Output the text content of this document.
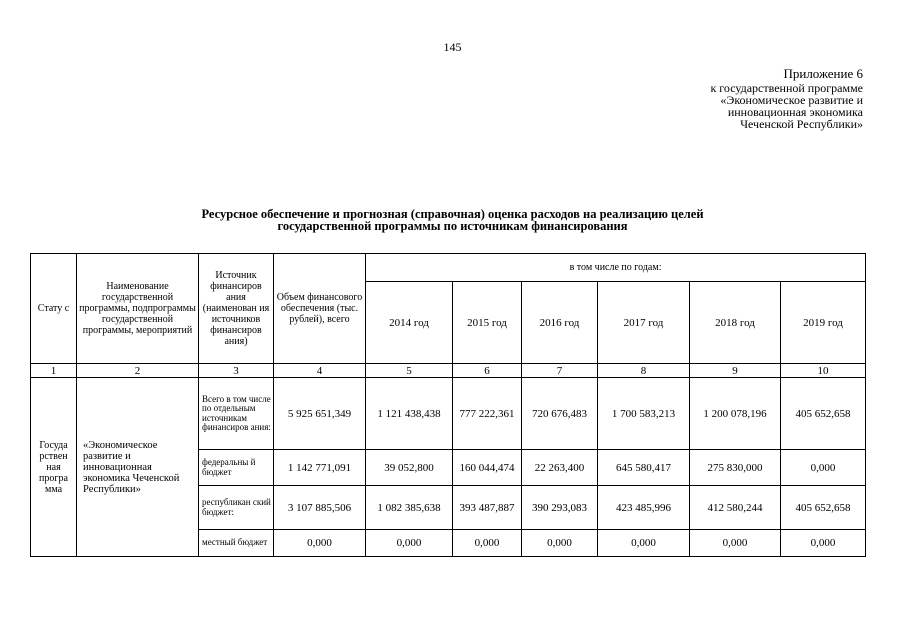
145
Приложение 6
к государственной программе
«Экономическое развитие и
инновационная экономика
Чеченской Республики»
Ресурсное обеспечение и прогнозная (справочная) оценка расходов на реализацию целей
государственной программы по источникам финансирования
Стату с	Наименование государственной программы, подпрограммы государственной программы, мероприятий	Источник финансиров ания (наименован ия источников финансиров ания)	Объем финансового обеспечения (тыс. рублей), всего	в том числе по годам:					
				2014 год	2015 год	2016 год	2017 год	2018 год	2019 год
1	2	3	4	5	6	7	8	9	10
Госуда рствен ная програ мма	«Экономическое развитие и инновационная экономика Чеченской Республики»	Всего в том числе по отдельным источникам финансиров ания:	5 925 651,349	1 121 438,438	777 222,361	720 676,483	1 700 583,213	1 200 078,196	405 652,658
		федеральны й бюджет	1 142 771,091	39 052,800	160 044,474	22 263,400	645 580,417	275 830,000	0,000
		республикан ский бюджет:	3 107 885,506	1 082 385,638	393 487,887	390 293,083	423 485,996	412 580,244	405 652,658
		местный бюджет	0,000	0,000	0,000	0,000	0,000	0,000	0,000
